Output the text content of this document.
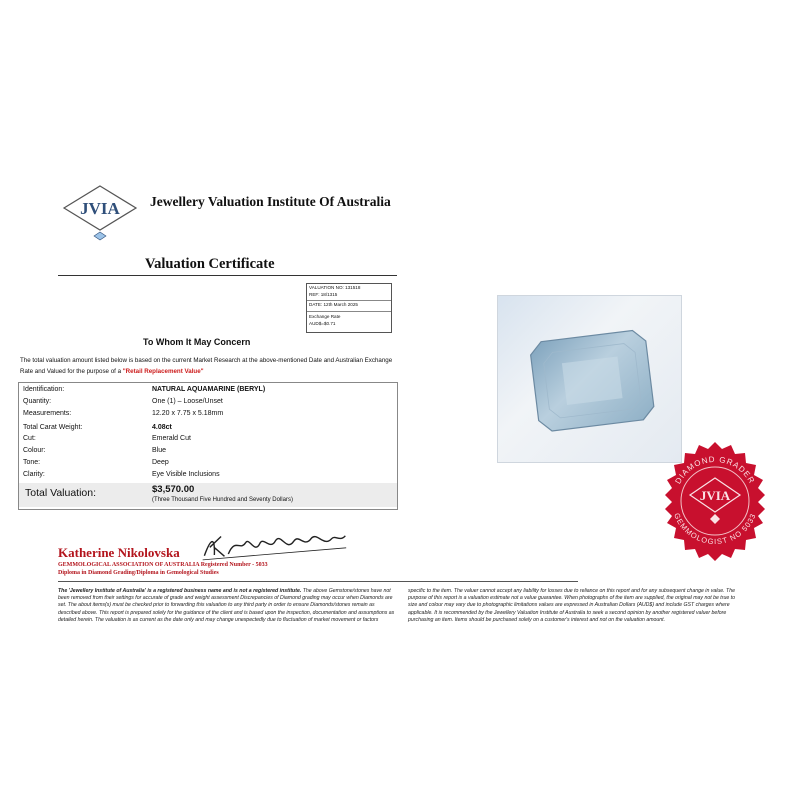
JVIA Jewellery Valuation Institute Of Australia
Valuation Certificate
VALUATION NO: 131518
REF: 18/1315
DATE: 12th March 2025
Exchange Rate
AUD$=$0.71
To Whom It May Concern
The total valuation amount listed below is based on the current Market Research at the above-mentioned Date and Australian Exchange Rate and Valued for the purpose of a "Retail Replacement Value"
Identification:	NATURAL AQUAMARINE (BERYL)
Quantity:	One (1) – Loose/Unset
Measurements:	12.20 x 7.75 x 5.18mm
Total Carat Weight:	4.08ct
Cut:	Emerald Cut
Colour:	Blue
Tone:	Deep
Clarity:	Eye Visible Inclusions
Total Valuation:	$3,570.00
(Three Thousand Five Hundred and Seventy Dollars)
Katherine Nikolovska
GEMMOLOGICAL ASSOCIATION OF AUSTRALIA Registered Number - 5033
Diploma in Diamond Grading/Diploma in Gemological Studies
The 'Jewellery Institute of Australia' is a registered business name and is not a registered institute. The above Gemstone/stones have not been removed from their settings for accurate of grade and weight assessment Discrepancies of Diamond grading may occur when Diamonds are set. The about items(s) must be checked prior to forwarding this valuation to any third party in order to ensure Diamonds/stones remain as described above. This report is prepared solely for the guidance of the client and is based upon the inspection, documentation and assumptions as detailed herein. The valuation is as current as the date only and may change unexpectedly due to fluctuation of market movement or factors
specific to the item. The valuer cannot accept any liability for losses due to reliance on this report and for any subsequent change in value. The purpose of this report is a valuation estimate not a value guarantee. When photographs of the item are supplied, the original may not be true to size and colour may vary due to photographic limitations values are expressed in Australian Dollars (AUD$) and include GST charges where applicable. It is recommended by the Jewellery Valuation Institute of Australia to seek a second opinion by another registered valuer before purchasing an item. Items should be purchased solely on a customer's interest and not on the valuation amount.
DIAMOND GRADER
GEMMOLOGIST NO 5033
JVIA
